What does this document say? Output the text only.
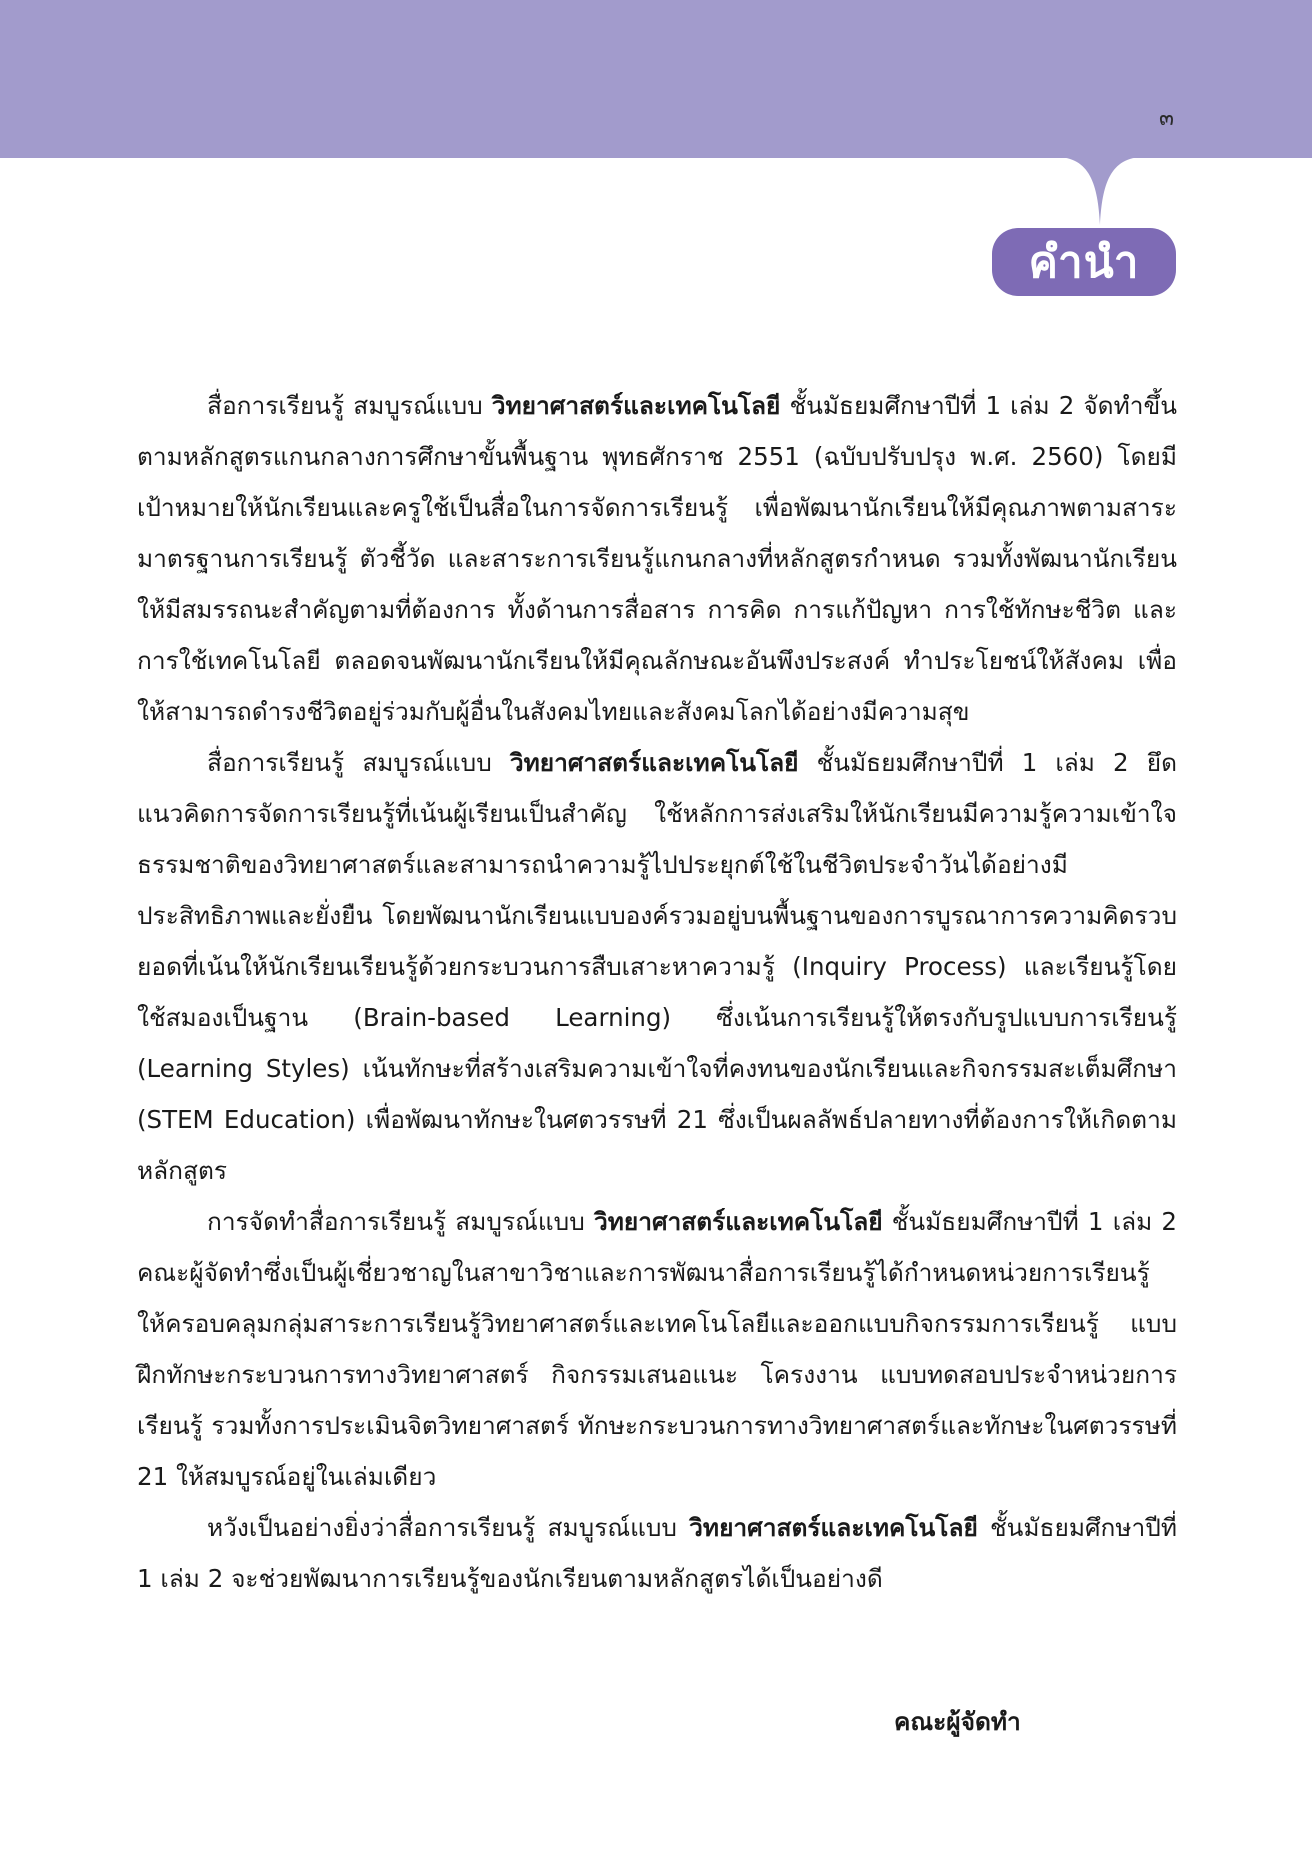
๓
คำนำ

สื่อการเรียนรู้ สมบูรณ์แบบ วิทยาศาสตร์และเทคโนโลยี ชั้นมัธยมศึกษาปีที่ 1 เล่ม 2 จัดทำขึ้นตามหลักสูตรแกนกลางการศึกษาขั้นพื้นฐาน พุทธศักราช 2551 (ฉบับปรับปรุง พ.ศ. 2560) โดยมีเป้าหมายให้นักเรียนและครูใช้เป็นสื่อในการจัดการเรียนรู้ เพื่อพัฒนานักเรียนให้มีคุณภาพตามสาระ มาตรฐานการเรียนรู้ ตัวชี้วัด และสาระการเรียนรู้แกนกลางที่หลักสูตรกำหนด รวมทั้งพัฒนานักเรียนให้มีสมรรถนะสำคัญตามที่ต้องการ ทั้งด้านการสื่อสาร การคิด การแก้ปัญหา การใช้ทักษะชีวิต และการใช้เทคโนโลยี ตลอดจนพัฒนานักเรียนให้มีคุณลักษณะอันพึงประสงค์ ทำประโยชน์ให้สังคม เพื่อให้สามารถดำรงชีวิตอยู่ร่วมกับผู้อื่นในสังคมไทยและสังคมโลกได้อย่างมีความสุข

สื่อการเรียนรู้ สมบูรณ์แบบ วิทยาศาสตร์และเทคโนโลยี ชั้นมัธยมศึกษาปีที่ 1 เล่ม 2 ยึดแนวคิดการจัดการเรียนรู้ที่เน้นผู้เรียนเป็นสำคัญ ใช้หลักการส่งเสริมให้นักเรียนมีความรู้ความเข้าใจธรรมชาติของวิทยาศาสตร์และสามารถนำความรู้ไปประยุกต์ใช้ในชีวิตประจำวันได้อย่างมีประสิทธิภาพและยั่งยืน โดยพัฒนานักเรียนแบบองค์รวมอยู่บนพื้นฐานของการบูรณาการความคิดรวบยอดที่เน้นให้นักเรียนเรียนรู้ด้วยกระบวนการสืบเสาะหาความรู้ (Inquiry Process) และเรียนรู้โดยใช้สมองเป็นฐาน (Brain-based Learning) ซึ่งเน้นการเรียนรู้ให้ตรงกับรูปแบบการเรียนรู้ (Learning Styles) เน้นทักษะที่สร้างเสริมความเข้าใจที่คงทนของนักเรียนและกิจกรรมสะเต็มศึกษา (STEM Education) เพื่อพัฒนาทักษะในศตวรรษที่ 21 ซึ่งเป็นผลลัพธ์ปลายทางที่ต้องการให้เกิดตามหลักสูตร

การจัดทำสื่อการเรียนรู้ สมบูรณ์แบบ วิทยาศาสตร์และเทคโนโลยี ชั้นมัธยมศึกษาปีที่ 1 เล่ม 2 คณะผู้จัดทำซึ่งเป็นผู้เชี่ยวชาญในสาขาวิชาและการพัฒนาสื่อการเรียนรู้ได้กำหนดหน่วยการเรียนรู้ให้ครอบคลุมกลุ่มสาระการเรียนรู้วิทยาศาสตร์และเทคโนโลยีและออกแบบกิจกรรมการเรียนรู้ แบบฝึกทักษะกระบวนการทางวิทยาศาสตร์ กิจกรรมเสนอแนะ โครงงาน แบบทดสอบประจำหน่วยการเรียนรู้ รวมทั้งการประเมินจิตวิทยาศาสตร์ ทักษะกระบวนการทางวิทยาศาสตร์และทักษะในศตวรรษที่ 21 ให้สมบูรณ์อยู่ในเล่มเดียว

หวังเป็นอย่างยิ่งว่าสื่อการเรียนรู้ สมบูรณ์แบบ วิทยาศาสตร์และเทคโนโลยี ชั้นมัธยมศึกษาปีที่ 1 เล่ม 2 จะช่วยพัฒนาการเรียนรู้ของนักเรียนตามหลักสูตรได้เป็นอย่างดี

คณะผู้จัดทำ
